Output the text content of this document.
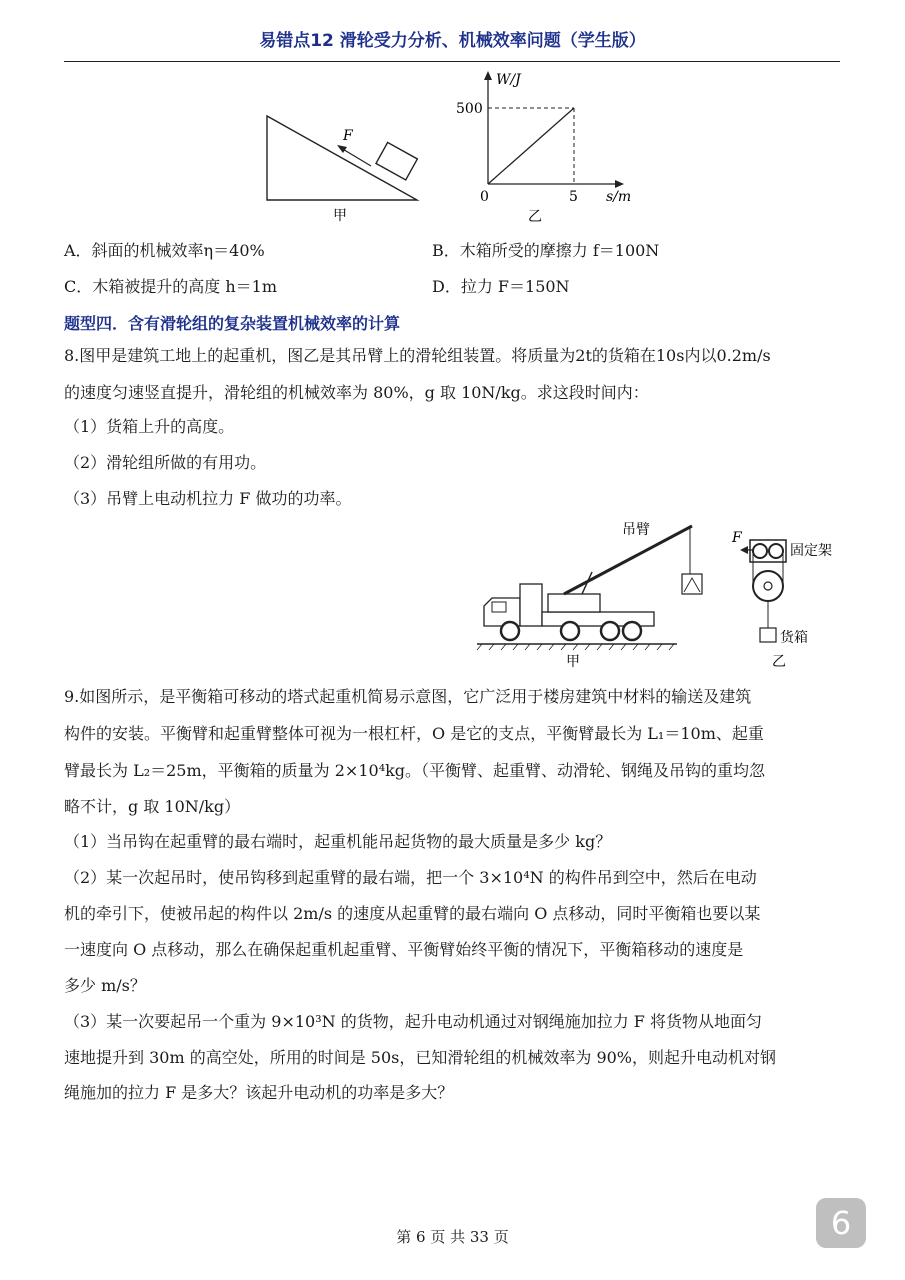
易错点12 滑轮受力分析、机械效率问题（学生版）
F
甲
W/J
500
0	5 s/m
乙
A．斜面的机械效率η＝40%	B．木箱所受的摩擦力 f＝100N
C．木箱被提升的高度 h＝1m	D．拉力 F＝150N
题型四．含有滑轮组的复杂装置机械效率的计算
8.图甲是建筑工地上的起重机，图乙是其吊臂上的滑轮组装置。将质量为2t的货箱在10s内以0.2m/s
的速度匀速竖直提升，滑轮组的机械效率为 80%，g 取 10N/kg。求这段时间内：
（1）货箱上升的高度。
（2）滑轮组所做的有用功。
（3）吊臂上电动机拉力 F 做功的功率。
吊臂
甲
F
固定架
货箱
乙
9.如图所示，是平衡箱可移动的塔式起重机简易示意图，它广泛用于楼房建筑中材料的输送及建筑
构件的安装。平衡臂和起重臂整体可视为一根杠杆，O 是它的支点，平衡臂最长为 L₁＝10m、起重
臂最长为 L₂＝25m，平衡箱的质量为 2×10⁴kg。（平衡臂、起重臂、动滑轮、钢绳及吊钩的重均忽
略不计，g 取 10N/kg）
（1）当吊钩在起重臂的最右端时，起重机能吊起货物的最大质量是多少 kg？
（2）某一次起吊时，使吊钩移到起重臂的最右端，把一个 3×10⁴N 的构件吊到空中，然后在电动
机的牵引下，使被吊起的构件以 2m/s 的速度从起重臂的最右端向 O 点移动，同时平衡箱也要以某
一速度向 O 点移动，那么在确保起重机起重臂、平衡臂始终平衡的情况下，平衡箱移动的速度是
多少 m/s？
（3）某一次要起吊一个重为 9×10³N 的货物，起升电动机通过对钢绳施加拉力 F 将货物从地面匀
速地提升到 30m 的高空处，所用的时间是 50s，已知滑轮组的机械效率为 90%，则起升电动机对钢
绳施加的拉力 F 是多大？该起升电动机的功率是多大？
第 6 页 共 33 页	6
